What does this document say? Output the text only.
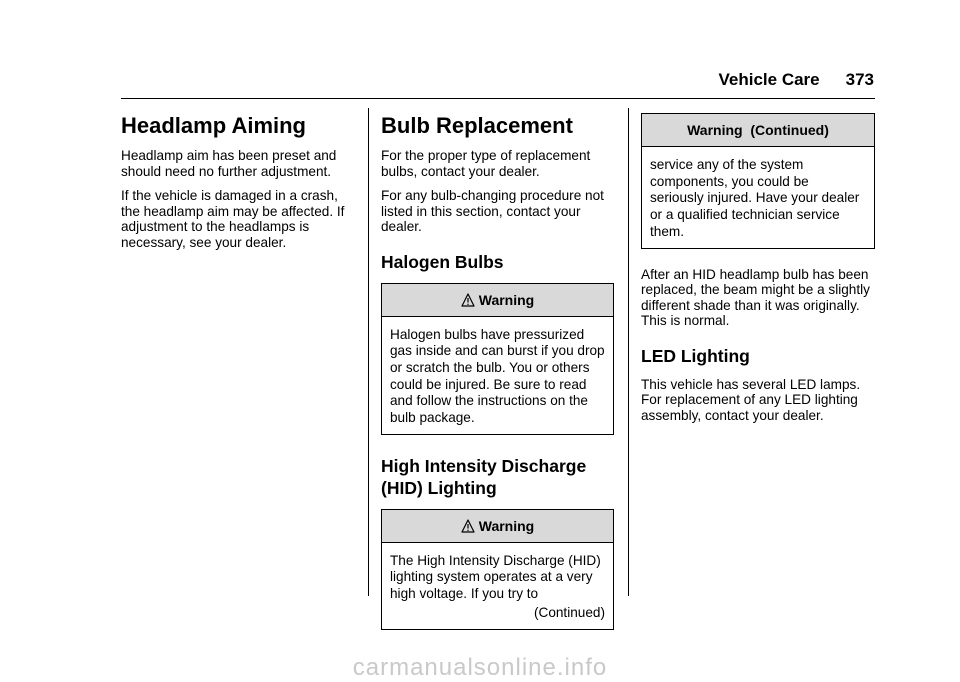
Vehicle Care 373
Headlamp Aiming

Headlamp aim has been preset and should need no further adjustment.

If the vehicle is damaged in a crash, the headlamp aim may be affected. If adjustment to the headlamps is necessary, see your dealer.

Bulb Replacement

For the proper type of replacement bulbs, contact your dealer.

For any bulb-changing procedure not listed in this section, contact your dealer.

Halogen Bulbs
Warning
Halogen bulbs have pressurized gas inside and can burst if you drop or scratch the bulb. You or others could be injured. Be sure to read and follow the instructions on the bulb package.
High Intensity Discharge (HID) Lighting
Warning
The High Intensity Discharge (HID) lighting system operates at a very high voltage. If you try to
(Continued)
Warning  (Continued)
service any of the system components, you could be seriously injured. Have your dealer or a qualified technician service them.

After an HID headlamp bulb has been replaced, the beam might be a slightly different shade than it was originally. This is normal.

LED Lighting

This vehicle has several LED lamps. For replacement of any LED lighting assembly, contact your dealer.

carmanualsonline.info
